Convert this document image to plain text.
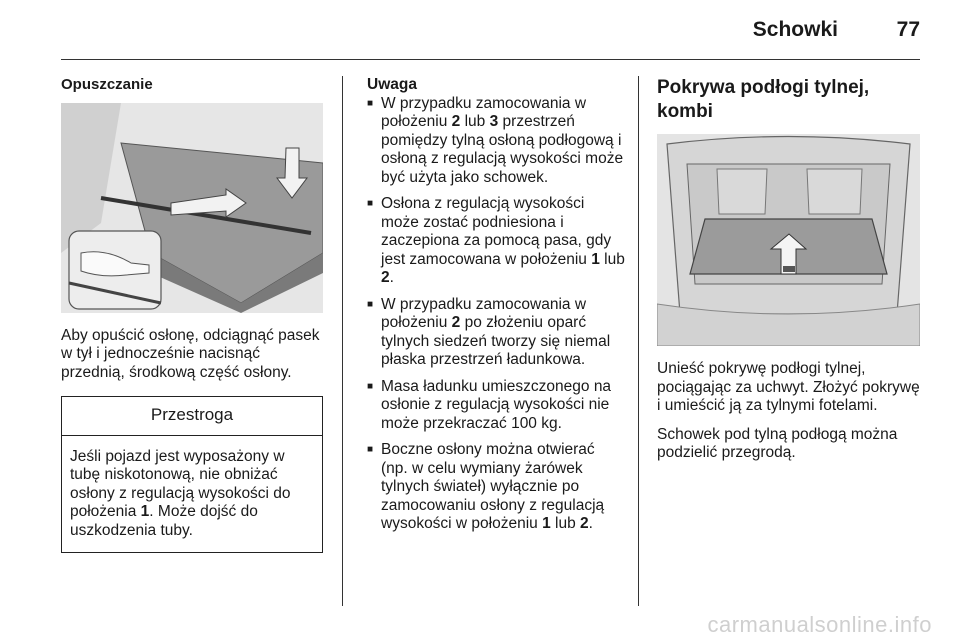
Schowki	77
Opuszczanie

Aby opuścić osłonę, odciągnąć pasek w tył i jednocześnie nacisnąć przednią, środkową część osłony.

Przestroga
Jeśli pojazd jest wyposażony w tubę niskotonową, nie obniżać osłony z regulacją wysokości do położenia 1. Może dojść do uszkodzenia tuby.
Uwaga
■ W przypadku zamocowania w położeniu 2 lub 3 przestrzeń pomiędzy tylną osłoną podłogową i osłoną z regulacją wysokości może być użyta jako schowek.
■ Osłona z regulacją wysokości może zostać podniesiona i zaczepiona za pomocą pasa, gdy jest zamocowana w położeniu 1 lub 2.
■ W przypadku zamocowania w położeniu 2 po złożeniu oparć tylnych siedzeń tworzy się niemal płaska przestrzeń ładunkowa.
■ Masa ładunku umieszczonego na osłonie z regulacją wysokości nie może przekraczać 100 kg.
■ Boczne osłony można otwierać (np. w celu wymiany żarówek tylnych świateł) wyłącznie po zamocowaniu osłony z regulacją wysokości w położeniu 1 lub 2.
Pokrywa podłogi tylnej, kombi

Unieść pokrywę podłogi tylnej, pociągając za uchwyt. Złożyć pokrywę i umieścić ją za tylnymi fotelami.

Schowek pod tylną podłogą można podzielić przegrodą.

carmanualsonline.info
